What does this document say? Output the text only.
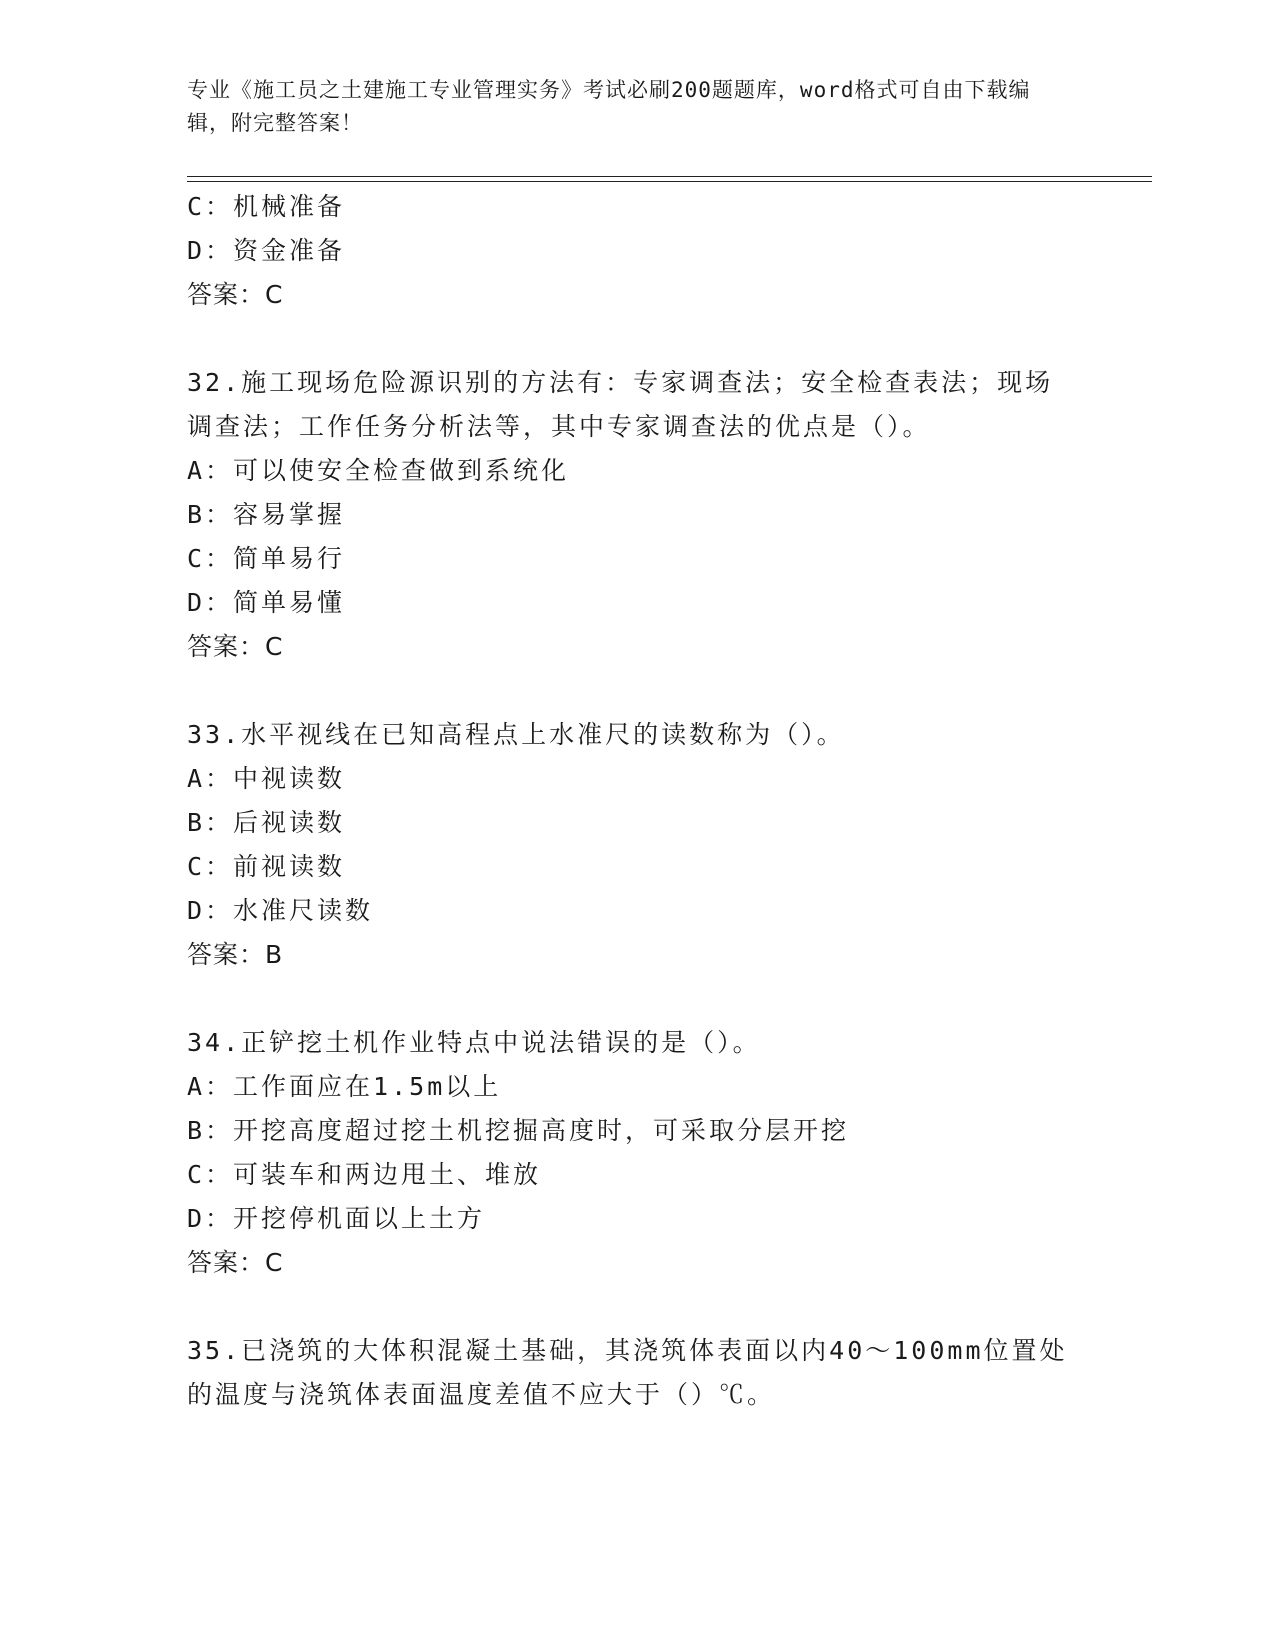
专业《施工员之土建施工专业管理实务》考试必刷200题题库，word格式可自由下载编辑，附完整答案！
C：机械准备
D：资金准备
答案：C
32.施工现场危险源识别的方法有：专家调查法；安全检查表法；现场
调查法；工作任务分析法等，其中专家调查法的优点是（）。
A：可以使安全检查做到系统化
B：容易掌握
C：简单易行
D：简单易懂
答案：C
33.水平视线在已知高程点上水准尺的读数称为（）。
A：中视读数
B：后视读数
C：前视读数
D：水准尺读数
答案：B
34.正铲挖土机作业特点中说法错误的是（）。
A：工作面应在1.5m以上
B：开挖高度超过挖土机挖掘高度时，可采取分层开挖
C：可装车和两边甩土、堆放
D：开挖停机面以上土方
答案：C
35.已浇筑的大体积混凝土基础，其浇筑体表面以内40～100mm位置处
的温度与浇筑体表面温度差值不应大于（）℃。
